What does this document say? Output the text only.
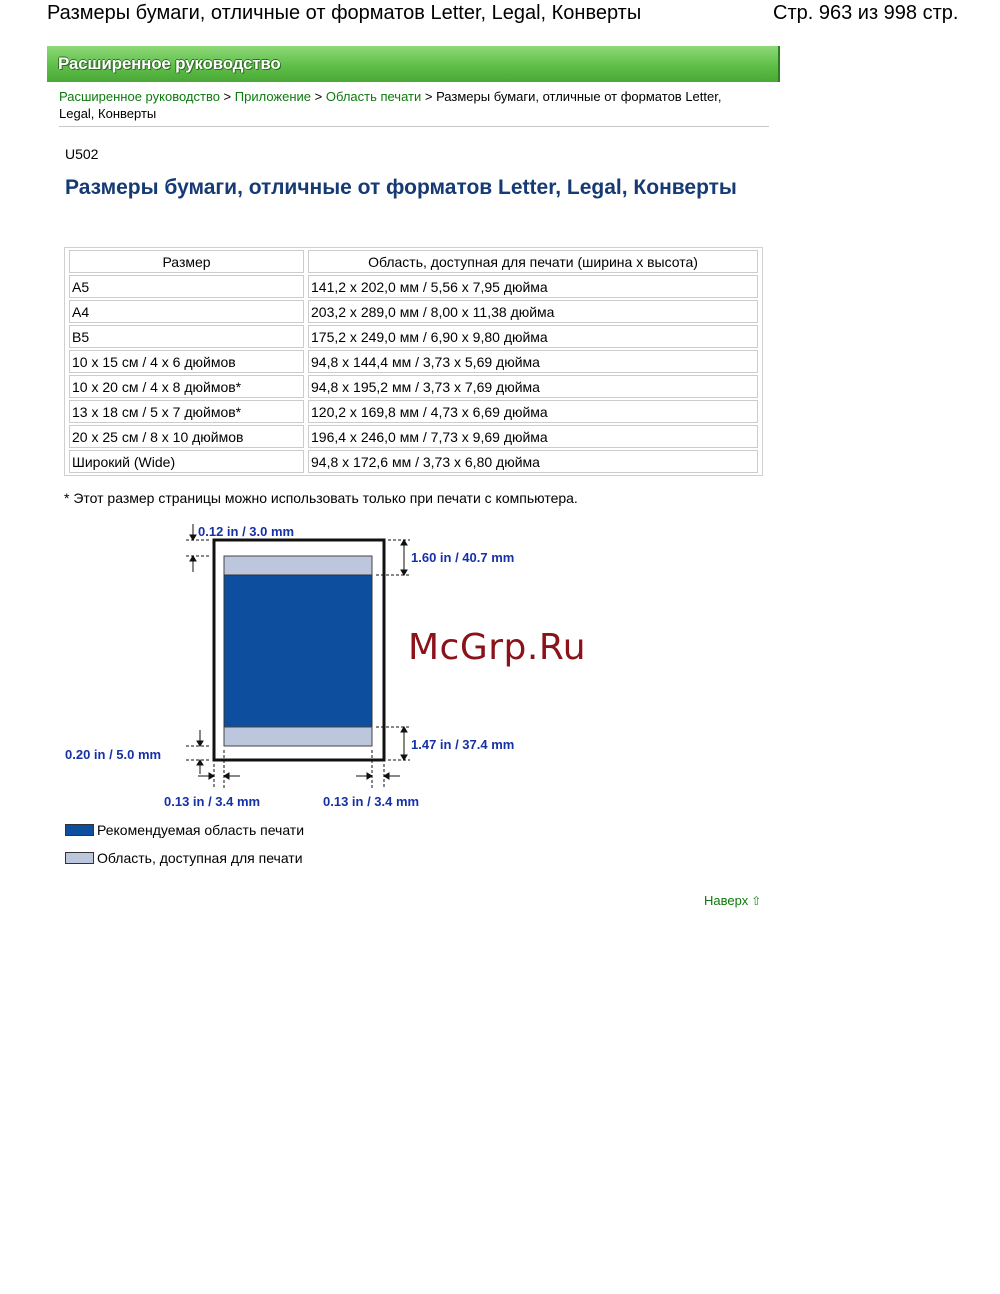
Размеры бумаги, отличные от форматов Letter, Legal, Конверты	Стр. 963 из 998 стр.
Расширенное руководство
Расширенное руководство > Приложение > Область печати > Размеры бумаги, отличные от форматов Letter, Legal, Конверты
U502
Размеры бумаги, отличные от форматов Letter, Legal, Конверты
Размер	Область, доступная для печати (ширина x высота)
A5	141,2 x 202,0 мм / 5,56 x 7,95 дюйма
A4	203,2 x 289,0 мм / 8,00 x 11,38 дюйма
B5	175,2 x 249,0 мм / 6,90 x 9,80 дюйма
10 x 15 см / 4 x 6 дюймов	94,8 x 144,4 мм / 3,73 x 5,69 дюйма
10 x 20 см / 4 x 8 дюймов*	94,8 x 195,2 мм / 3,73 x 7,69 дюйма
13 x 18 см / 5 x 7 дюймов*	120,2 x 169,8 мм / 4,73 x 6,69 дюйма
20 x 25 см / 8 x 10 дюймов	196,4 x 246,0 мм / 7,73 x 9,69 дюйма
Широкий (Wide)	94,8 x 172,6 мм / 3,73 x 6,80 дюйма
* Этот размер страницы можно использовать только при печати с компьютера.
0.12 in / 3.0 mm
1.60 in / 40.7 mm
1.47 in / 37.4 mm
0.20 in / 5.0 mm
0.13 in / 3.4 mm	0.13 in / 3.4 mm
McGrp.Ru
Рекомендуемая область печати
Область, доступная для печати
Наверх ⇧
